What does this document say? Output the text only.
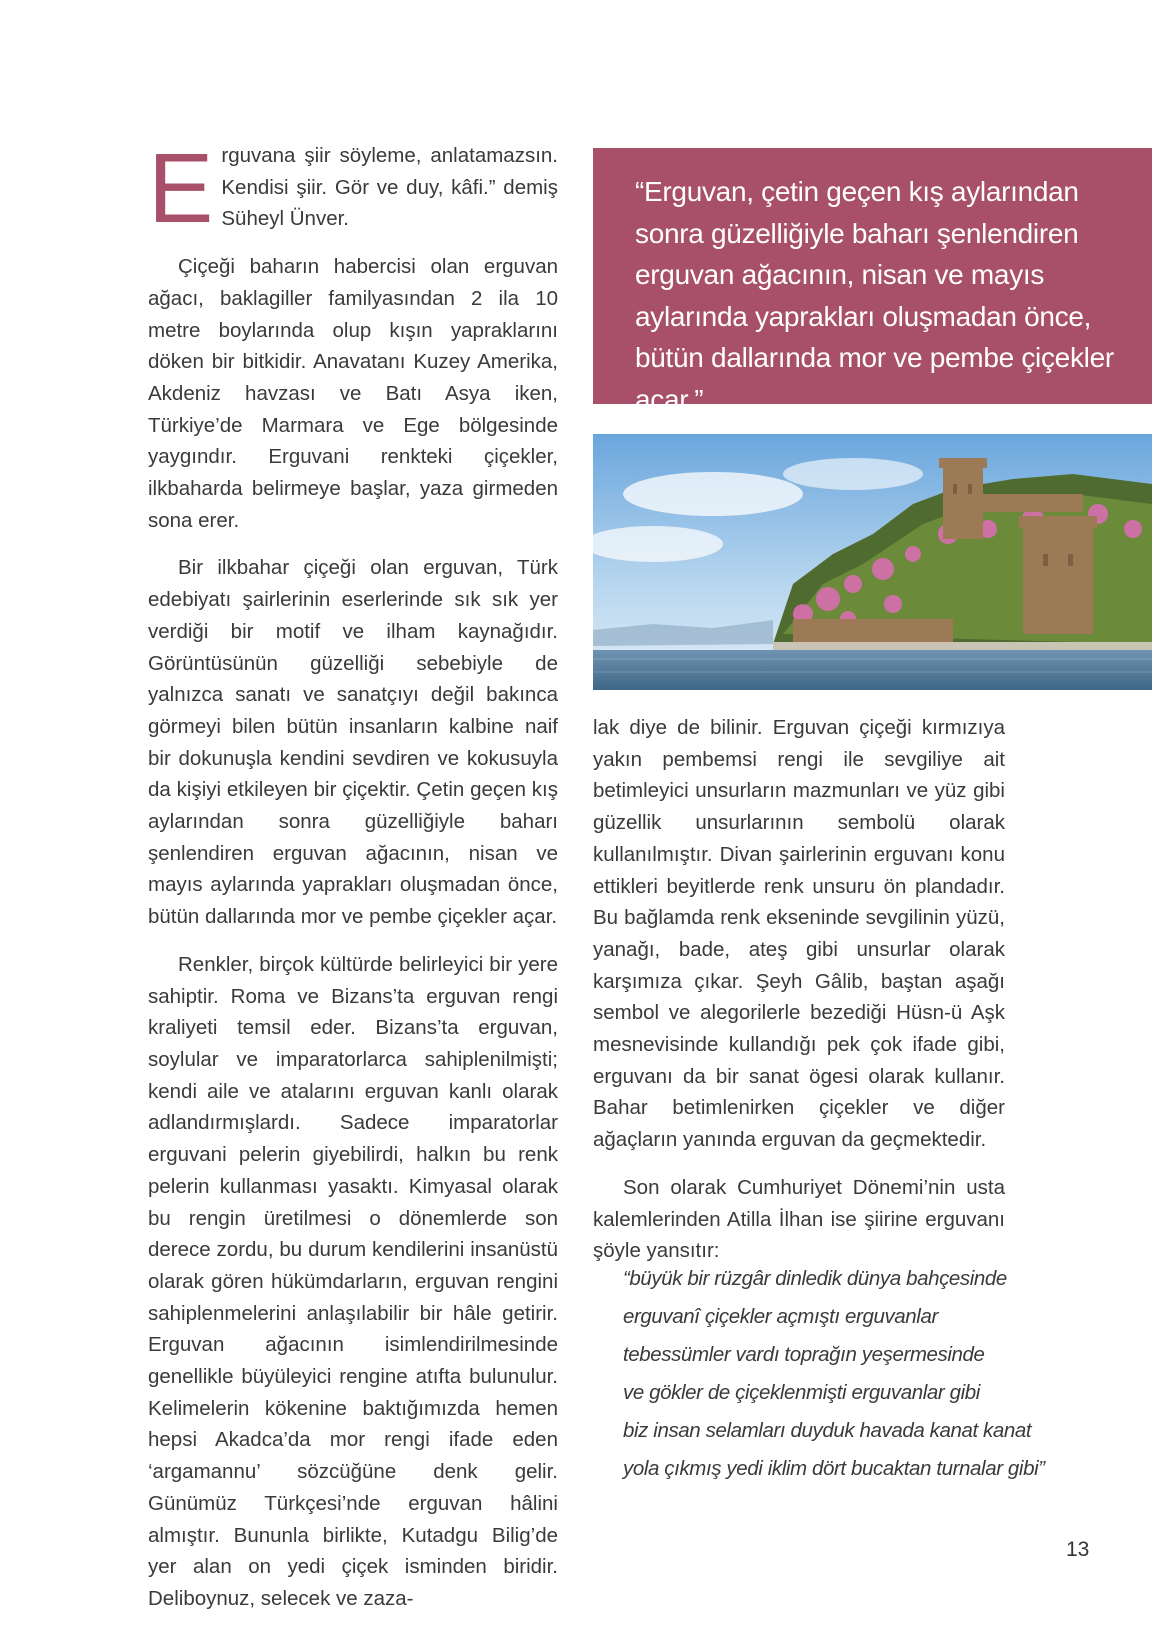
Erguvana şiir söyleme, anlatamazsın. Kendisi şiir. Gör ve duy, kâfi.” demiş Süheyl Ünver.

Çiçeği baharın habercisi olan erguvan ağacı, baklagiller familyasından 2 ila 10 metre boylarında olup kışın yapraklarını döken bir bitkidir. Anavatanı Kuzey Amerika, Akdeniz havzası ve Batı Asya iken, Türkiye’de Marmara ve Ege bölgesinde yaygındır. Erguvani renkteki çiçekler, ilkbaharda belirmeye başlar, yaza girmeden sona erer.

Bir ilkbahar çiçeği olan erguvan, Türk edebiyatı şairlerinin eserlerinde sık sık yer verdiği bir motif ve ilham kaynağıdır. Görüntüsünün güzelliği sebebiyle de yalnızca sanatı ve sanatçıyı değil bakınca görmeyi bilen bütün insanların kalbine naif bir dokunuşla kendini sevdiren ve kokusuyla da kişiyi etkileyen bir çiçektir. Çetin geçen kış aylarından sonra güzelliğiyle baharı şenlendiren erguvan ağacının, nisan ve mayıs aylarında yaprakları oluşmadan önce, bütün dallarında mor ve pembe çiçekler açar.

Renkler, birçok kültürde belirleyici bir yere sahiptir. Roma ve Bizans’ta erguvan rengi kraliyeti temsil eder. Bizans’ta erguvan, soylular ve imparatorlarca sahiplenilmişti; kendi aile ve atalarını erguvan kanlı olarak adlandırmışlardı. Sadece imparatorlar erguvani pelerin giyebilirdi, halkın bu renk pelerin kullanması yasaktı. Kimyasal olarak bu rengin üretilmesi o dönemlerde son derece zordu, bu durum kendilerini insanüstü olarak gören hükümdarların, erguvan rengini sahiplenmelerini anlaşılabilir bir hâle getirir. Erguvan ağacının isimlendirilmesinde genellikle büyüleyici rengine atıfta bulunulur. Kelimelerin kökenine baktığımızda hemen hepsi Akadca’da mor rengi ifade eden ‘argamannu’ sözcüğüne denk gelir. Günümüz Türkçesi’nde erguvan hâlini almıştır. Bununla birlikte, Kutadgu Bilig’de yer alan on yedi çiçek isminden biridir. Deliboynuz, selecek ve zaza-

“Erguvan, çetin geçen kış aylarından sonra güzelliğiyle baharı şenlendiren erguvan ağacının, nisan ve mayıs aylarında yaprakları oluşmadan önce, bütün dallarında mor ve pembe çiçekler açar.”

lak diye de bilinir. Erguvan çiçeği kırmızıya yakın pembemsi rengi ile sevgiliye ait betimleyici unsurların mazmunları ve yüz gibi güzellik unsurlarının sembolü olarak kullanılmıştır. Divan şairlerinin erguvanı konu ettikleri beyitlerde renk unsuru ön plandadır. Bu bağlamda renk ekseninde sevgilinin yüzü, yanağı, bade, ateş gibi unsurlar olarak karşımıza çıkar. Şeyh Gâlib, baştan aşağı sembol ve alegorilerle bezediği Hüsn-ü Aşk mesnevisinde kullandığı pek çok ifade gibi, erguvanı da bir sanat ögesi olarak kullanır. Bahar betimlenirken çiçekler ve diğer ağaçların yanında erguvan da geçmektedir.

Son olarak Cumhuriyet Dönemi’nin usta kalemlerinden Atilla İlhan ise şiirine erguvanı şöyle yansıtır:

“büyük bir rüzgâr dinledik dünya bahçesinde
erguvanî çiçekler açmıştı erguvanlar
tebessümler vardı toprağın yeşermesinde
ve gökler de çiçeklenmişti erguvanlar gibi
biz insan selamları duyduk havada kanat kanat
yola çıkmış yedi iklim dört bucaktan turnalar gibi”
13
